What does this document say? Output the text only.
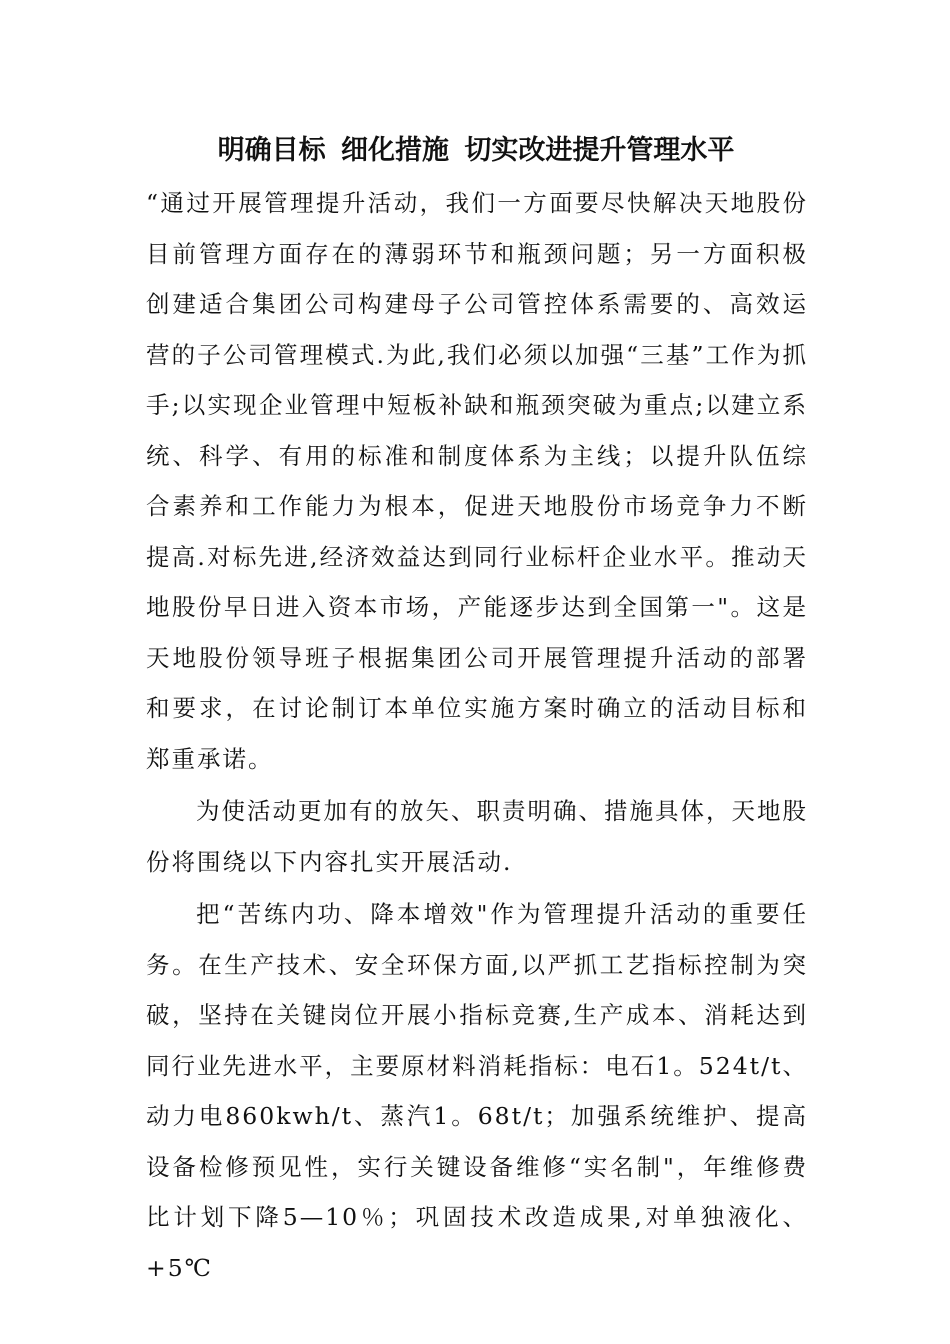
明确目标 细化措施 切实改进提升管理水平

“通过开展管理提升活动，我们一方面要尽快解决天地股份目前管理方面存在的薄弱环节和瓶颈问题；另一方面积极创建适合集团公司构建母子公司管控体系需要的、高效运营的子公司管理模式.为此,我们必须以加强“三基”工作为抓手;以实现企业管理中短板补缺和瓶颈突破为重点;以建立系统、科学、有用的标准和制度体系为主线；以提升队伍综合素养和工作能力为根本，促进天地股份市场竞争力不断提高.对标先进,经济效益达到同行业标杆企业水平。推动天地股份早日进入资本市场，产能逐步达到全国第一"。这是天地股份领导班子根据集团公司开展管理提升活动的部署和要求，在讨论制订本单位实施方案时确立的活动目标和郑重承诺。

为使活动更加有的放矢、职责明确、措施具体，天地股份将围绕以下内容扎实开展活动.

把“苦练内功、降本增效"作为管理提升活动的重要任务。在生产技术、安全环保方面,以严抓工艺指标控制为突破，坚持在关键岗位开展小指标竞赛,生产成本、消耗达到同行业先进水平，主要原材料消耗指标：电石1。524t/t、动力电860kwh/t、蒸汽1。68t/t；加强系统维护、提高设备检修预见性，实行关键设备维修“实名制"，年维修费比计划下降5—10％；巩固技术改造成果,对单独液化、+5℃
